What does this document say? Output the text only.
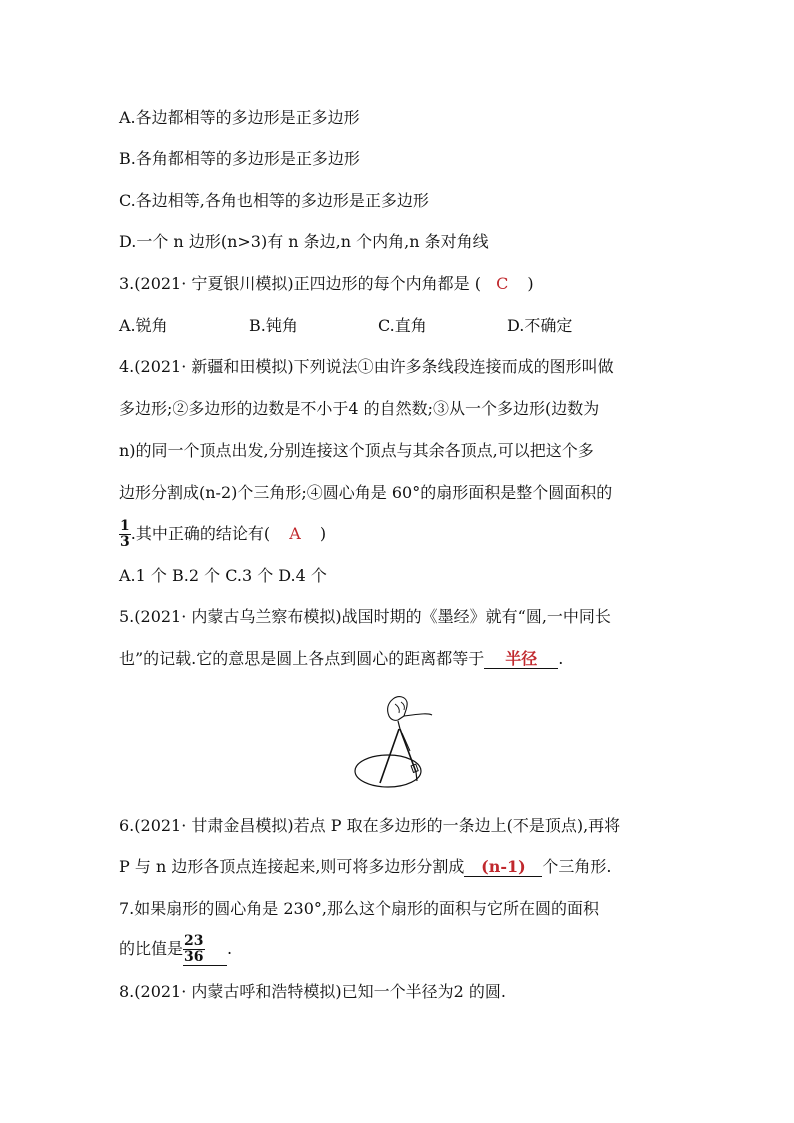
A.各边都相等的多边形是正多边形
B.各角都相等的多边形是正多边形
C.各边相等,各角也相等的多边形是正多边形
D.一个 n 边形(n>3)有 n 条边,n 个内角,n 条对角线
3.(2021· 宁夏银川模拟)正四边形的每个内角都是 ( C )
A.锐角	B.钝角	C.直角	D.不确定
4.(2021· 新疆和田模拟)下列说法①由许多条线段连接而成的图形叫做
多边形;②多边形的边数是不小于4 的自然数;③从一个多边形(边数为
n)的同一个顶点出发,分别连接这个顶点与其余各顶点,可以把这个多
边形分割成(n-2)个三角形;④圆心角是 60°的扇形面积是整个圆面积的
$\frac{1}{3}$ .其中正确的结论有( A )
A.1 个 B.2 个 C.3 个 D.4 个
5.(2021· 内蒙古乌兰察布模拟)战国时期的《墨经》就有“圆,一中同长
也”的记载.它的意思是圆上各点到圆心的距离都等于 半径 .
6.(2021· 甘肃金昌模拟)若点 P 取在多边形的一条边上(不是顶点),再将
P 与 n 边形各顶点连接起来,则可将多边形分割成 (n-1) 个三角形.
7.如果扇形的圆心角是 230°,那么这个扇形的面积与它所在圆的面积
的比值是 $\frac{23}{36}$ .
8.(2021· 内蒙古呼和浩特模拟)已知一个半径为2 的圆.
